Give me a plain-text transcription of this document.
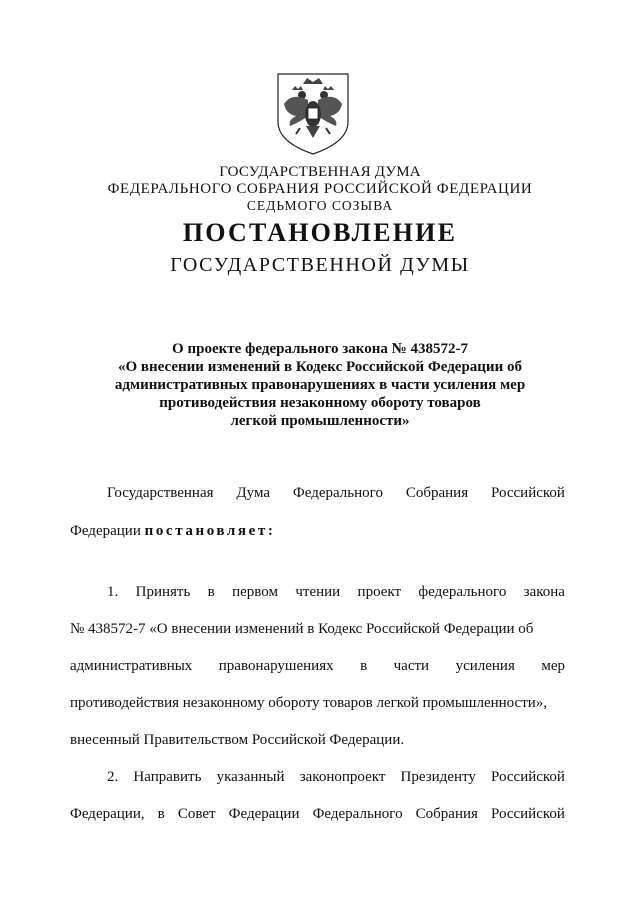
ГОСУДАРСТВЕННАЯ ДУМА
ФЕДЕРАЛЬНОГО СОБРАНИЯ РОССИЙСКОЙ ФЕДЕРАЦИИ
СЕДЬМОГО СОЗЫВА
ПОСТАНОВЛЕНИЕ
ГОСУДАРСТВЕННОЙ ДУМЫ
О проекте федерального закона № 438572-7
«О внесении изменений в Кодекс Российской Федерации об
административных правонарушениях в части усиления мер
противодействия незаконному обороту товаров
легкой промышленности»
Государственная Дума Федерального Собрания Российской
Федерации постановляет:
1. Принять в первом чтении проект федерального закона
№ 438572-7 «О внесении изменений в Кодекс Российской Федерации об
административных правонарушениях в части усиления мер
противодействия незаконному обороту товаров легкой промышленности»,
внесенный Правительством Российской Федерации.
2. Направить указанный законопроект Президенту Российской
Федерации, в Совет Федерации Федерального Собрания Российской
